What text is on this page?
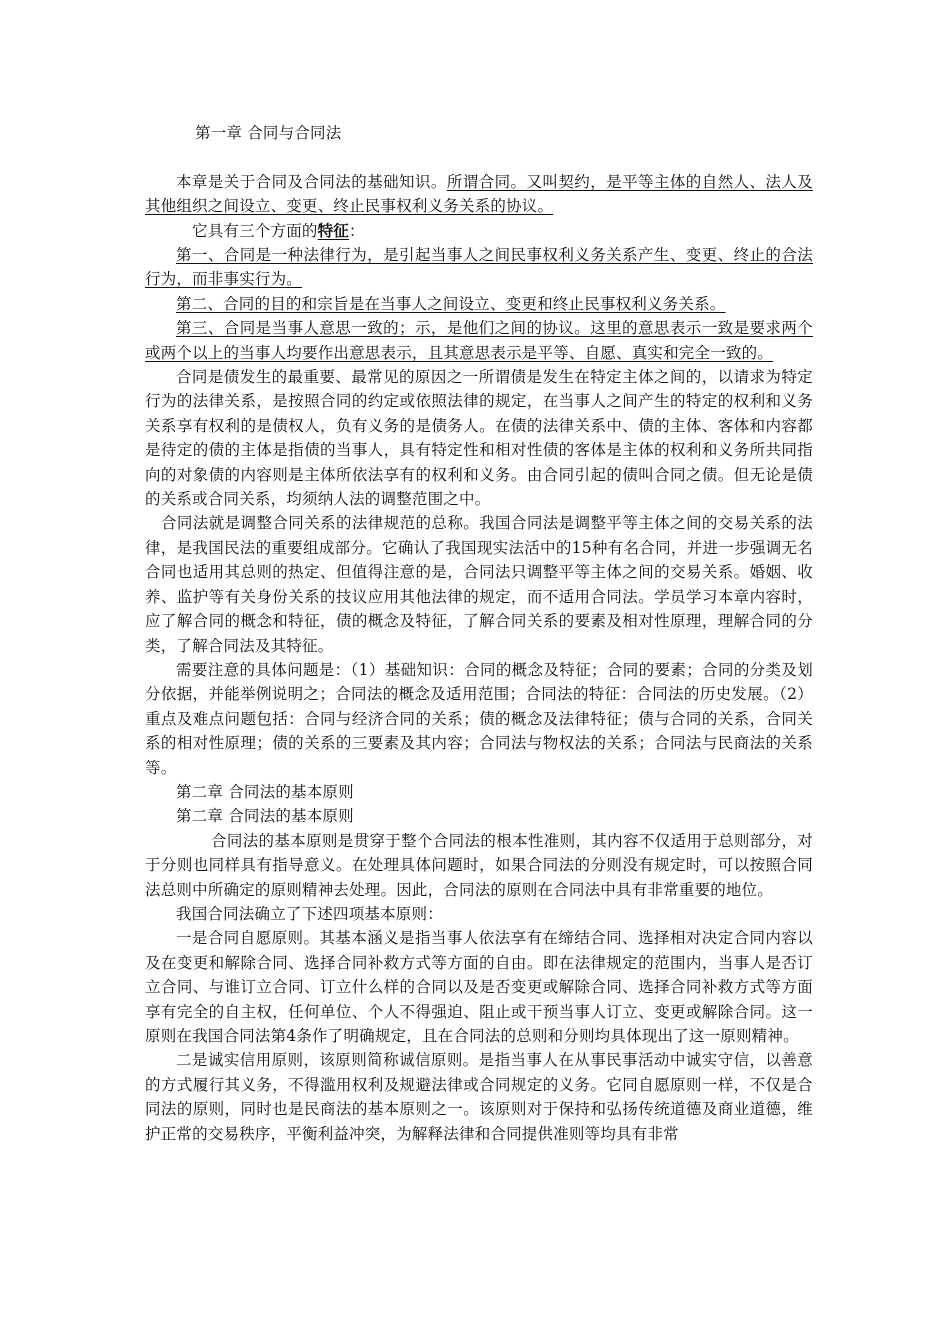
第一章 合同与合同法

本章是关于合同及合同法的基础知识。所谓合同。又叫契约，是平等主体的自然人、法人及其他组织之间设立、变更、终止民事权利义务关系的协议。

它具有三个方面的特征：

第一、合同是一种法律行为，是引起当事人之间民事权利义务关系产生、变更、终止的合法行为，而非事实行为。

第二、合同的目的和宗旨是在当事人之间设立、变更和终止民事权利义务关系。

第三、合同是当事人意思一致的；示，是他们之间的协议。这里的意思表示一致是要求两个或两个以上的当事人均要作出意思表示，且其意思表示是平等、自愿、真实和完全一致的。

合同是债发生的最重要、最常见的原因之一所谓债是发生在特定主体之间的，以请求为特定行为的法律关系，是按照合同的约定或依照法律的规定，在当事人之间产生的特定的权利和义务关系享有权利的是债权人，负有义务的是债务人。在债的法律关系中、债的主体、客体和内容都是待定的债的主体是指债的当事人，具有特定性和相对性债的客体是主体的权利和义务所共同指向的对象债的内容则是主体所依法享有的权利和义务。由合同引起的债叫合同之债。但无论是债的关系或合同关系，均须纳人法的调整范围之中。

合同法就是调整合同关系的法律规范的总称。我国合同法是调整平等主体之间的交易关系的法律，是我国民法的重要组成部分。它确认了我国现实法活中的15种有名合同，并进一步强调无名合同也适用其总则的热定、但值得注意的是，合同法只调整平等主体之间的交易关系。婚姻、收养、监护等有关身份关系的技议应用其他法律的规定，而不适用合同法。学员学习本章内容时，应了解合同的概念和特征，债的概念及特征，了解合同关系的要素及相对性原理，理解合同的分类，了解合同法及其特征。

需要注意的具体问题是：（1）基础知识：合同的概念及特征；合同的要素；合同的分类及划分依据，并能举例说明之；合同法的概念及适用范围；合同法的特征：合同法的历史发展。（2）重点及难点问题包括：合同与经济合同的关系；债的概念及法律特征；债与合同的关系，合同关系的相对性原理；债的关系的三要素及其内容；合同法与物权法的关系；合同法与民商法的关系等。

第二章 合同法的基本原则

第二章 合同法的基本原则

合同法的基本原则是贯穿于整个合同法的根本性准则，其内容不仅适用于总则部分，对于分则也同样具有指导意义。在处理具体问题时，如果合同法的分则没有规定时，可以按照合同法总则中所确定的原则精神去处理。因此，合同法的原则在合同法中具有非常重要的地位。

我国合同法确立了下述四项基本原则：

一是合同自愿原则。其基本涵义是指当事人依法享有在缔结合同、选择相对决定合同内容以及在变更和解除合同、选择合同补救方式等方面的自由。即在法律规定的范围内，当事人是否订立合同、与谁订立合同、订立什么样的合同以及是否变更或解除合同、选择合同补救方式等方面享有完全的自主权，任何单位、个人不得强迫、阻止或干预当事人订立、变更或解除合同。这一原则在我国合同法第4条作了明确规定，且在合同法的总则和分则均具体现出了这一原则精神。

二是诚实信用原则，该原则简称诚信原则。是指当事人在从事民事活动中诚实守信，以善意的方式履行其义务，不得滥用权利及规避法律或合同规定的义务。它同自愿原则一样，不仅是合同法的原则，同时也是民商法的基本原则之一。该原则对于保持和弘扬传统道德及商业道德，维护正常的交易秩序，平衡利益冲突，为解释法律和合同提供准则等均具有非常
